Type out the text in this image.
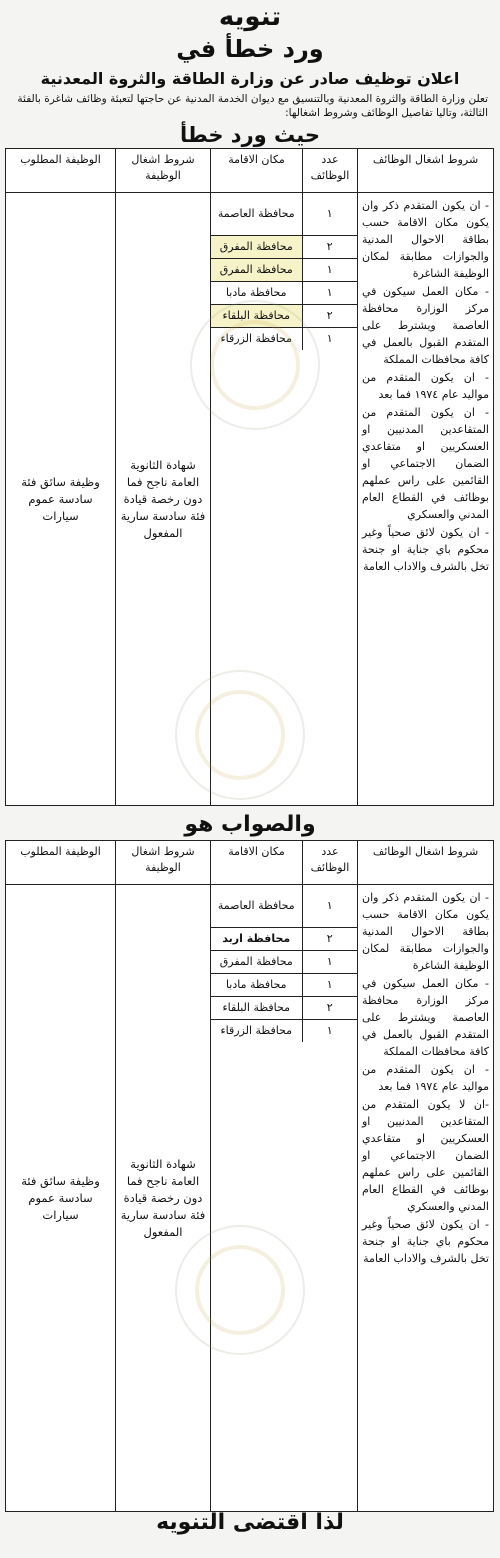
تنويه
ورد خطأ في
اعلان توظيف صادر عن وزارة الطاقة والثروة المعدنية
تعلن وزارة الطاقة والثروة المعدنية وبالتنسيق مع ديوان الخدمة المدنية عن حاجتها لتعبئة وظائف شاغرة بالفئة الثالثة، وتاليا تفاصيل الوظائف وشروط اشغالها:
حيث ورد خطأ
شروط اشغال الوظائف	عدد الوظائف	مكان الاقامة	شروط اشغال الوظيفة	الوظيفة المطلوب

- ان يكون المتقدم ذكر وان يكون مكان الاقامة حسب بطاقة الاحوال المدنية والجوازات مطابقة لمكان الوظيفة الشاغرة

- مكان العمل سيكون في مركز الوزارة محافظة العاصمة ويشترط على المتقدم القبول بالعمل في كافة محافظات المملكة

- ان يكون المتقدم من مواليد عام ١٩٧٤ فما بعد

- ان يكون المتقدم من المتقاعدين المدنيين او العسكريين او متقاعدي الضمان الاجتماعي او القائمين على راس عملهم بوظائف في القطاع العام المدني والعسكري

- ان يكون لائق صحياً وغير محكوم باي جناية او جنحة تخل بالشرف والاداب العامة

١	محافظة العاصمة
٢	محافظة المفرق
١	محافظة المفرق
١	محافظة مادبا
٢	محافظة البلقاء
١	محافظة الزرقاء
	شهادة الثانوية العامة ناجح فما دون رخصة قيادة فئة سادسة سارية المفعول	وظيفة سائق فئة سادسة عموم سيارات
والصواب هو
شروط اشغال الوظائف	عدد الوظائف	مكان الاقامة	شروط اشغال الوظيفة	الوظيفة المطلوب

- ان يكون المتقدم ذكر وان يكون مكان الاقامة حسب بطاقة الاحوال المدنية والجوازات مطابقة لمكان الوظيفة الشاغرة

- مكان العمل سيكون في مركز الوزارة محافظة العاصمة ويشترط على المتقدم القبول بالعمل في كافة محافظات المملكة

- ان يكون المتقدم من مواليد عام ١٩٧٤ فما بعد

-ان لا يكون المتقدم من المتقاعدين المدنيين او العسكريين او متقاعدي الضمان الاجتماعي او القائمين على راس عملهم بوظائف في القطاع العام المدني والعسكري

- ان يكون لائق صحياً وغير محكوم باي جناية او جنحة تخل بالشرف والاداب العامة

١	محافظة العاصمة
٢	محافظة اربد
١	محافظة المفرق
١	محافظة مادبا
٢	محافظة البلقاء
١	محافظة الزرقاء
	شهادة الثانوية العامة ناجح فما دون رخصة قيادة فئة سادسة سارية المفعول	وظيفة سائق فئة سادسة عموم سيارات
لذا اقتضى التنويه
